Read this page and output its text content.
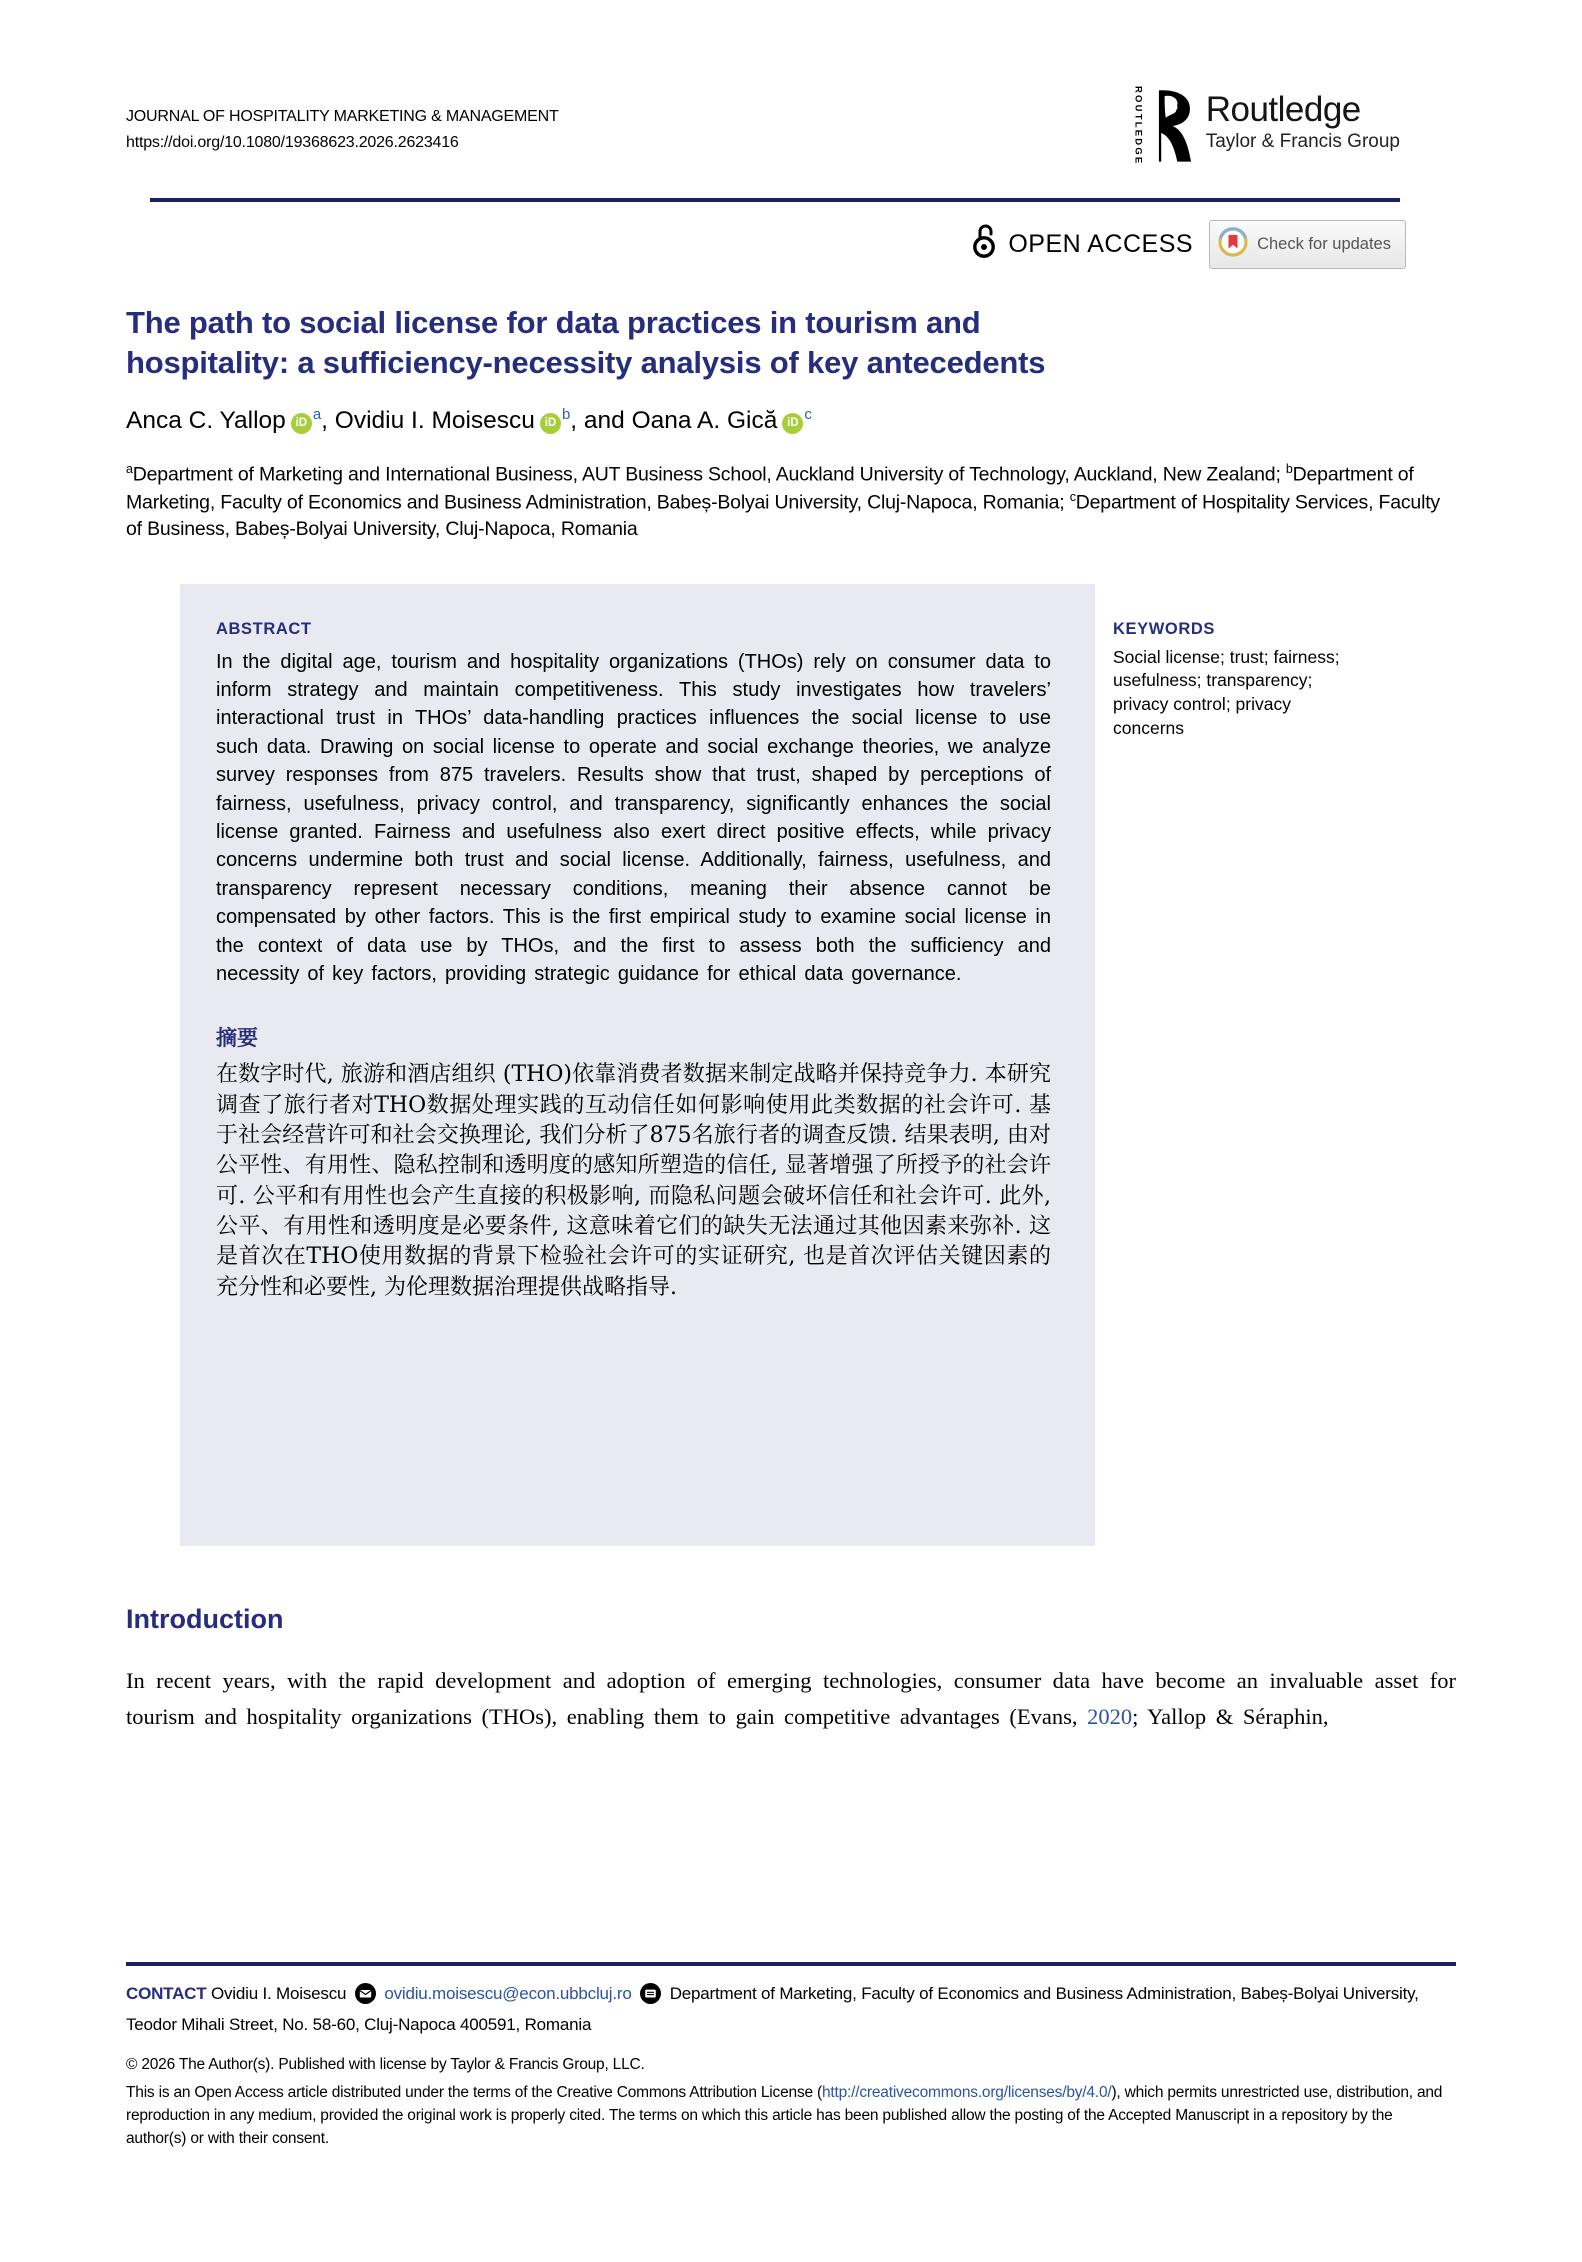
JOURNAL OF HOSPITALITY MARKETING & MANAGEMENT
https://doi.org/10.1080/19368623.2026.2623416	ROUTLEDGE Routledge
Taylor & Francis Group
OPEN ACCESS	Check for updates
The path to social license for data practices in tourism and
hospitality: a sufficiency-necessity analysis of key antecedents
Anca C. Yallop $iD^a$, Ovidiu I. Moisescu $iD^b$, and Oana A. Gică $iD^c$
$^a$Department of Marketing and International Business, AUT Business School, Auckland University of Technology, Auckland, New Zealand; $^b$Department of Marketing, Faculty of Economics and Business Administration, Babeș-Bolyai University, Cluj-Napoca, Romania; $^c$Department of Hospitality Services, Faculty of Business, Babeș-Bolyai University, Cluj-Napoca, Romania
ABSTRACT
In the digital age, tourism and hospitality organizations (THOs) rely on consumer data to inform strategy and maintain competitiveness. This study investigates how travelers’ interactional trust in THOs’ data-handling practices influences the social license to use such data. Drawing on social license to operate and social exchange theories, we analyze survey responses from 875 travelers. Results show that trust, shaped by perceptions of fairness, usefulness, privacy control, and transparency, significantly enhances the social license granted. Fairness and usefulness also exert direct positive effects, while privacy concerns undermine both trust and social license. Additionally, fairness, usefulness, and transparency represent necessary conditions, meaning their absence cannot be compensated by other factors. This is the first empirical study to examine social license in the context of data use by THOs, and the first to assess both the sufficiency and necessity of key factors, providing strategic guidance for ethical data governance.
摘要
在数字时代, 旅游和酒店组织 (THO)依靠消费者数据来制定战略并保持竞争力. 本研究调查了旅行者对THO数据处理实践的互动信任如何影响使用此类数据的社会许可. 基于社会经营许可和社会交换理论, 我们分析了875名旅行者的调查反馈. 结果表明, 由对公平性、有用性、隐私控制和透明度的感知所塑造的信任, 显著增强了所授予的社会许可. 公平和有用性也会产生直接的积极影响, 而隐私问题会破坏信任和社会许可. 此外, 公平、有用性和透明度是必要条件, 这意味着它们的缺失无法通过其他因素来弥补. 这是首次在THO使用数据的背景下检验社会许可的实证研究, 也是首次评估关键因素的充分性和必要性, 为伦理数据治理提供战略指导.
KEYWORDS
Social license; trust; fairness; usefulness; transparency; privacy control; privacy concerns
Introduction

In recent years, with the rapid development and adoption of emerging technologies, consumer data have become an invaluable asset for tourism and hospitality organizations (THOs), enabling them to gain competitive advantages (Evans, 2020; Yallop & Séraphin,

CONTACT Ovidiu I. Moisescu ovidiu.moisescu@econ.ubbcluj.ro Department of Marketing, Faculty of Economics and Business Administration, Babeș-Bolyai University, Teodor Mihali Street, No. 58-60, Cluj-Napoca 400591, Romania
© 2026 The Author(s). Published with license by Taylor & Francis Group, LLC.
This is an Open Access article distributed under the terms of the Creative Commons Attribution License (http://creativecommons.org/licenses/by/4.0/), which permits unrestricted use, distribution, and reproduction in any medium, provided the original work is properly cited. The terms on which this article has been published allow the posting of the Accepted Manuscript in a repository by the author(s) or with their consent.
